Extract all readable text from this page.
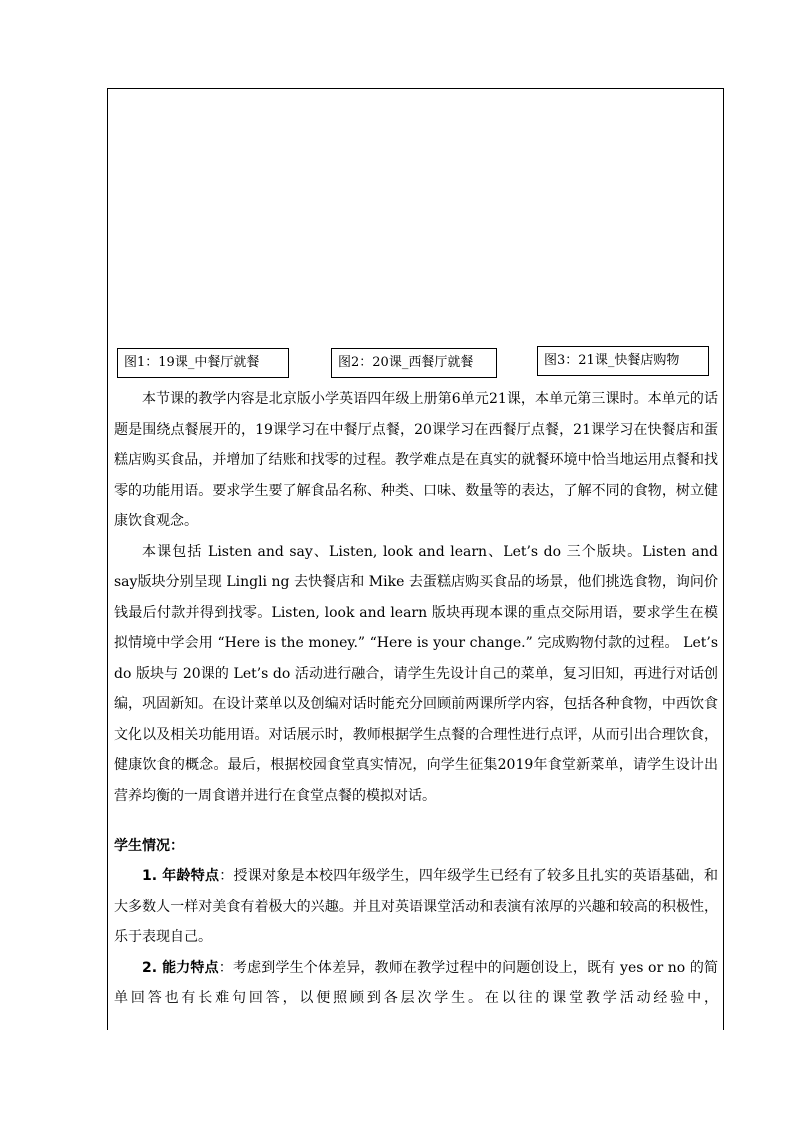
图1：19课_中餐厅就餐	图2：20课_西餐厅就餐	图3：21课_快餐店购物

本节课的教学内容是北京版小学英语四年级上册第6单元21课，本单元第三课时。本单元的话题是围绕点餐展开的，19课学习在中餐厅点餐，20课学习在西餐厅点餐，21课学习在快餐店和蛋糕店购买食品，并增加了结账和找零的过程。教学难点是在真实的就餐环境中恰当地运用点餐和找零的功能用语。要求学生要了解食品名称、种类、口味、数量等的表达，了解不同的食物，树立健康饮食观念。

本课包括 Listen and say、Listen, look and learn、Let’s do 三个版块。Listen and say版块分别呈现 Lingli ng 去快餐店和 Mike 去蛋糕店购买食品的场景，他们挑选食物，询问价钱最后付款并得到找零。Listen, look and learn 版块再现本课的重点交际用语，要求学生在模拟情境中学会用 “Here is the money.” “Here is your change.” 完成购物付款的过程。 Let’s do 版块与 20课的 Let’s do 活动进行融合，请学生先设计自己的菜单，复习旧知，再进行对话创编，巩固新知。在设计菜单以及创编对话时能充分回顾前两课所学内容，包括各种食物，中西饮食文化以及相关功能用语。对话展示时，教师根据学生点餐的合理性进行点评，从而引出合理饮食，健康饮食的概念。最后，根据校园食堂真实情况，向学生征集2019年食堂新菜单，请学生设计出营养均衡的一周食谱并进行在食堂点餐的模拟对话。

学生情况：

1. 年龄特点：授课对象是本校四年级学生，四年级学生已经有了较多且扎实的英语基础，和大多数人一样对美食有着极大的兴趣。并且对英语课堂活动和表演有浓厚的兴趣和较高的积极性，乐于表现自己。

2. 能力特点：考虑到学生个体差异，教师在教学过程中的问题创设上，既有 yes or no 的简单回答也有长难句回答，以便照顾到各层次学生。在以往的课堂教学活动经验中，
